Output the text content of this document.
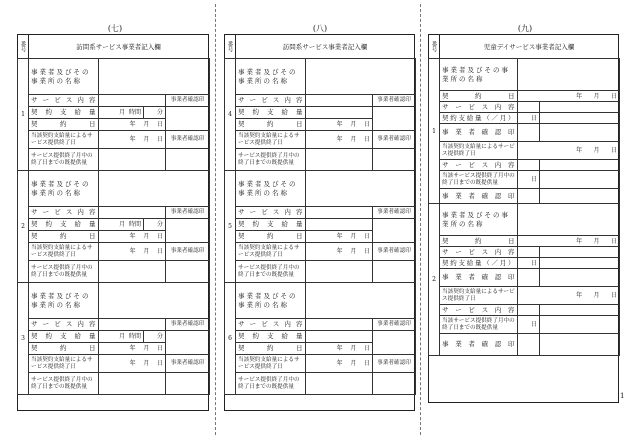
(七)	(八)	(九)
番号	訪問系サービス事業者記入欄
1	事業者及びその事業所の名称			
	サービス内容			事業者確認印
	契約支給量	月 時間	分	
	契約日	年 月 日		
	当該契約支給量によるサービス提供終了日	年 月 日		事業者確認印
	サービス提供終了月中の終了日までの既提供量			
2	事業者及びその事業所の名称			
	サービス内容			事業者確認印
	契約支給量	月 時間	分	
	契約日	年 月 日		
	当該契約支給量によるサービス提供終了日	年 月 日		事業者確認印
	サービス提供終了月中の終了日までの既提供量			
3	事業者及びその事業所の名称			
	サービス内容			事業者確認印
	契約支給量	月 時間	分	
	契約日	年 月 日		
	当該契約支給量によるサービス提供終了日	年 月 日		事業者確認印
	サービス提供終了月中の終了日までの既提供量			
番号	訪問系サービス事業者記入欄
4	事業者及びその事業所の名称		
	サービス内容		事業者確認印
	契約支給量		
	契約日	年 月 日	
	当該契約支給量によるサービス提供終了日	年 月 日	事業者確認印
	サービス提供終了月中の終了日までの既提供量		
5	事業者及びその事業所の名称		
	サービス内容		事業者確認印
	契約支給量		
	契約日	年 月 日	
	当該契約支給量によるサービス提供終了日	年 月 日	事業者確認印
	サービス提供終了月中の終了日までの既提供量		
6	事業者及びその事業所の名称		
	サービス内容		事業者確認印
	契約支給量		
	契約日	年 月 日	
	当該契約支給量によるサービス提供終了日	年 月 日	事業者確認印
	サービス提供終了月中の終了日までの既提供量		
番号	児童デイサービス事業者記入欄
1	事業者及びその事業所の名称		
	契約日	年 月 日	
	サービス内容		
	契約支給量（／月）	日	
	事業者確認印		
	当該契約支給量によるサービス提供終了日	年 月 日	
	サービス内容		
	当該サービス提供終了月中の終了日までの既提供量	日	
	事業者確認印		
2	事業者及びその事業所の名称		
	契約日	年 月 日	
	サービス内容		
	契約支給量（／月）	日	
	事業者確認印		
	当該契約支給量によるサービス提供終了日	年 月 日	
	サービス内容		
	当該サービス提供終了月中の終了日までの既提供量	日	
	事業者確認印		
1
